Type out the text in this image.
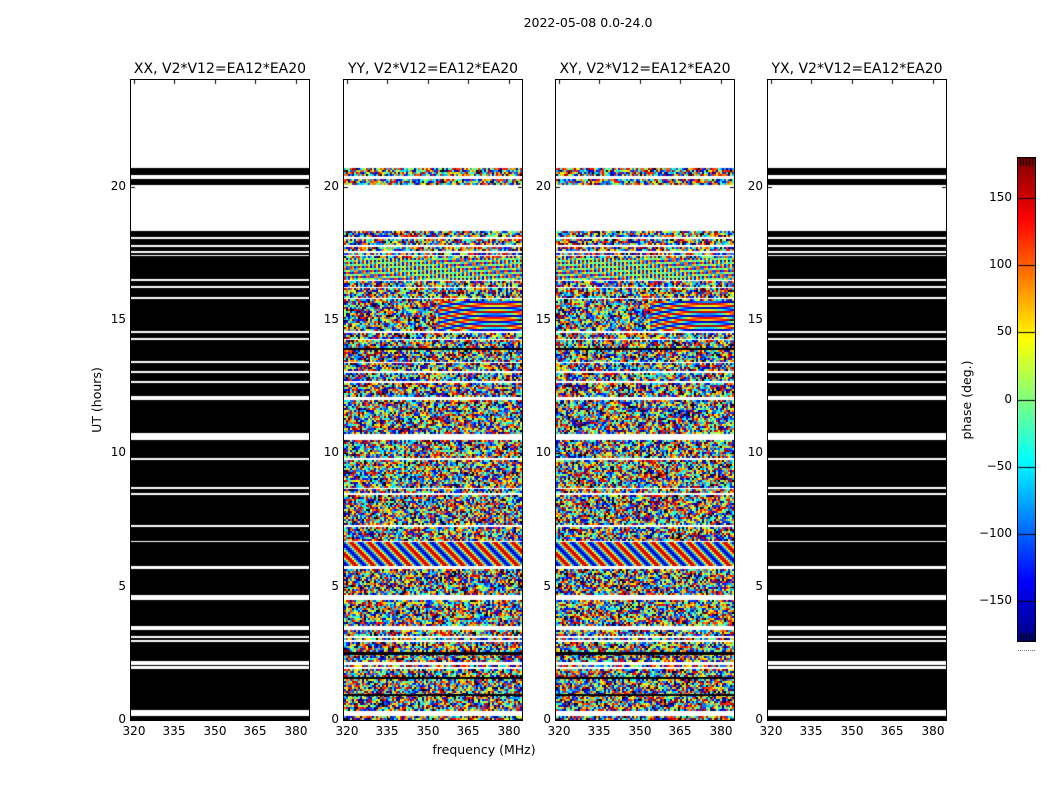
2022-05-08 0.0-24.0
XX, V2*V12=EA12*EA20	YY, V2*V12=EA12*EA20	XY, V2*V12=EA12*EA20	YX, V2*V12=EA12*EA20
UT (hours)
frequency (MHz)
phase (deg.)
0
5
10
15
20
320 335 350 365 380
0
5
10
15
20
320 335 350 365 380
0
5
10
15
20
320 335 350 365 380
0
5
10
15
20
320 335 350 365 380
150
100
50
0
−50
−100
−150
